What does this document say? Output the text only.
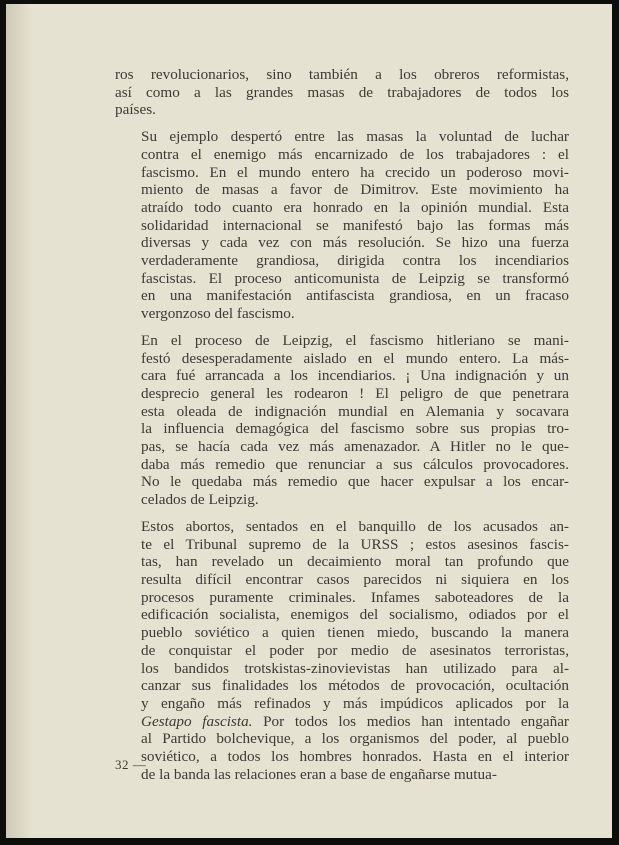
ros revolucionarios, sino también a los obreros reformistas,
así como a las grandes masas de trabajadores de todos los
países.

Su ejemplo despertó entre las masas la voluntad de luchar
contra el enemigo más encarnizado de los trabajadores : el
fascismo. En el mundo entero ha crecido un poderoso movi-
miento de masas a favor de Dimitrov. Este movimiento ha
atraído todo cuanto era honrado en la opinión mundial. Esta
solidaridad internacional se manifestó bajo las formas más
diversas y cada vez con más resolución. Se hizo una fuerza
verdaderamente grandiosa, dirigida contra los incendiarios
fascistas. El proceso anticomunista de Leipzig se transformó
en una manifestación antifascista grandiosa, en un fracaso
vergonzoso del fascismo.

En el proceso de Leipzig, el fascismo hitleriano se mani-
festó desesperadamente aislado en el mundo entero. La más-
cara fué arrancada a los incendiarios. ¡ Una indignación y un
desprecio general les rodearon ! El peligro de que penetrara
esta oleada de indignación mundial en Alemania y socavara
la influencia demagógica del fascismo sobre sus propias tro-
pas, se hacía cada vez más amenazador. A Hitler no le que-
daba más remedio que renunciar a sus cálculos provocadores.
No le quedaba más remedio que hacer expulsar a los encar-
celados de Leipzig.

Estos abortos, sentados en el banquillo de los acusados an-
te el Tribunal supremo de la URSS ; estos asesinos fascis-
tas, han revelado un decaimiento moral tan profundo que
resulta difícil encontrar casos parecidos ni siquiera en los
procesos puramente criminales. Infames saboteadores de la
edificación socialista, enemigos del socialismo, odiados por el
pueblo soviético a quien tienen miedo, buscando la manera
de conquistar el poder por medio de asesinatos terroristas,
los bandidos trotskistas-zinovievistas han utilizado para al-
canzar sus finalidades los métodos de provocación, ocultación
y engaño más refinados y más impúdicos aplicados por la
Gestapo fascista. Por todos los medios han intentado engañar
al Partido bolchevique, a los organismos del poder, al pueblo
soviético, a todos los hombres honrados. Hasta en el interior
de la banda las relaciones eran a base de engañarse mutua-

32 —
